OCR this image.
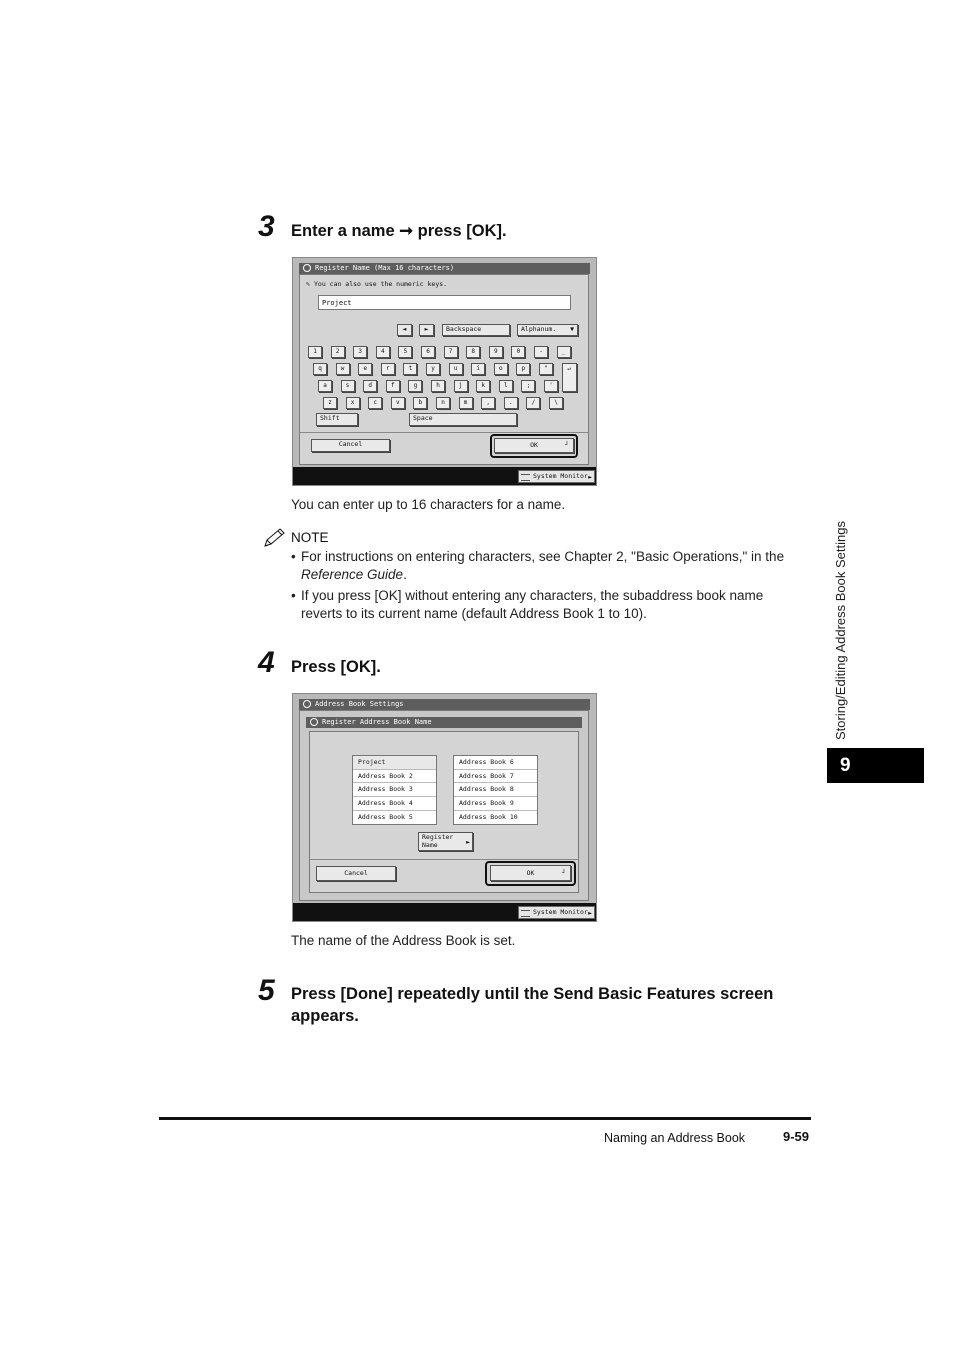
3 Enter a name ➞ press [OK].
Register Name (Max 16 characters)
✎ You can also use the numeric keys.
Project
◄	►	Backspace	Alphanum. ▼
1	2	3	4	5	6	7	8	9	0	-	_
q	w	e	r	t	y	u	i	o	p	"	↵
a	s	d	f	g	h	j	k	l	;	'
z	x	c	v	b	n	m	,	.	/	\
Shift	Space
Cancel	OK	┘
System Monitor ►
You can enter up to 16 characters for a name.
NOTE
• For instructions on entering characters, see Chapter 2, "Basic Operations," in the
Reference Guide.
• If you press [OK] without entering any characters, the subaddress book name
reverts to its current name (default Address Book 1 to 10).
4 Press [OK].
Address Book Settings
Register Address Book Name
Project
Address Book 2
Address Book 3
Address Book 4
Address Book 5
Address Book 6
Address Book 7
Address Book 8
Address Book 9
Address Book 10
Register
Name	►
Cancel	OK	┘
System Monitor ►
The name of the Address Book is set.
5 Press [Done] repeatedly until the Send Basic Features screen
appears.
Storing/Editing Address Book Settings
9
Naming an Address Book	9-59
